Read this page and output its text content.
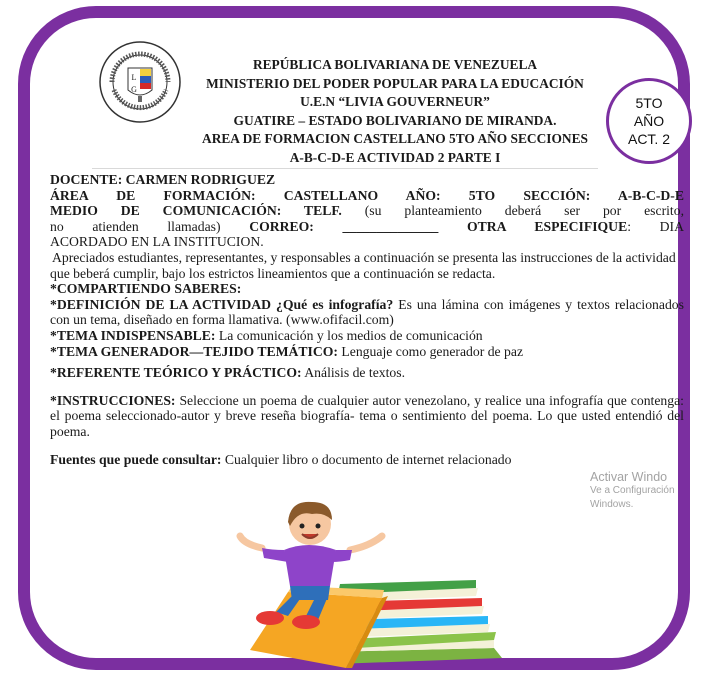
L
G
REPÚBLICA BOLIVARIANA DE VENEZUELA
MINISTERIO DEL PODER POPULAR PARA LA EDUCACIÓN
U.E.N “LIVIA GOUVERNEUR”
GUATIRE – ESTADO BOLIVARIANO DE MIRANDA.
AREA DE FORMACION CASTELLANO 5TO AÑO SECCIONES
A-B-C-D-E ACTIVIDAD 2 PARTE I
5TO
AÑO
ACT. 2

DOCENTE: CARMEN RODRIGUEZ

ÁREA DE FORMACIÓN: CASTELLANO AÑO: 5TO SECCIÓN: A-B-C-D-E

MEDIO DE COMUNICACIÓN: TELF. (su planteamiento deberá ser por escrito,

no atienden llamadas) CORREO: ______________ OTRA ESPECIFIQUE: DIA

ACORDADO EN LA INSTITUCION.

Apreciados estudiantes, representantes, y responsables a continuación se presenta las instrucciones de la actividad que beberá cumplir, bajo los estrictos lineamientos que a continuación se redacta.

*COMPARTIENDO SABERES:

*DEFINICIÓN DE LA ACTIVIDAD ¿Qué es infografía? Es una lámina con imágenes y textos relacionados con un tema, diseñado en forma llamativa. (www.ofifacil.com)

*TEMA INDISPENSABLE: La comunicación y los medios de comunicación

*TEMA GENERADOR—TEJIDO TEMÁTICO: Lenguaje como generador de paz

*REFERENTE TEÓRICO Y PRÁCTICO: Análisis de textos.

*INSTRUCCIONES: Seleccione un poema de cualquier autor venezolano, y realice una infografía que contenga: el poema seleccionado-autor y breve reseña biografía- tema o sentimiento del poema. Lo que usted entendió del poema.

Fuentes que puede consultar: Cualquier libro o documento de internet relacionado

Activar Windo
Ve a Configuración
Windows.
